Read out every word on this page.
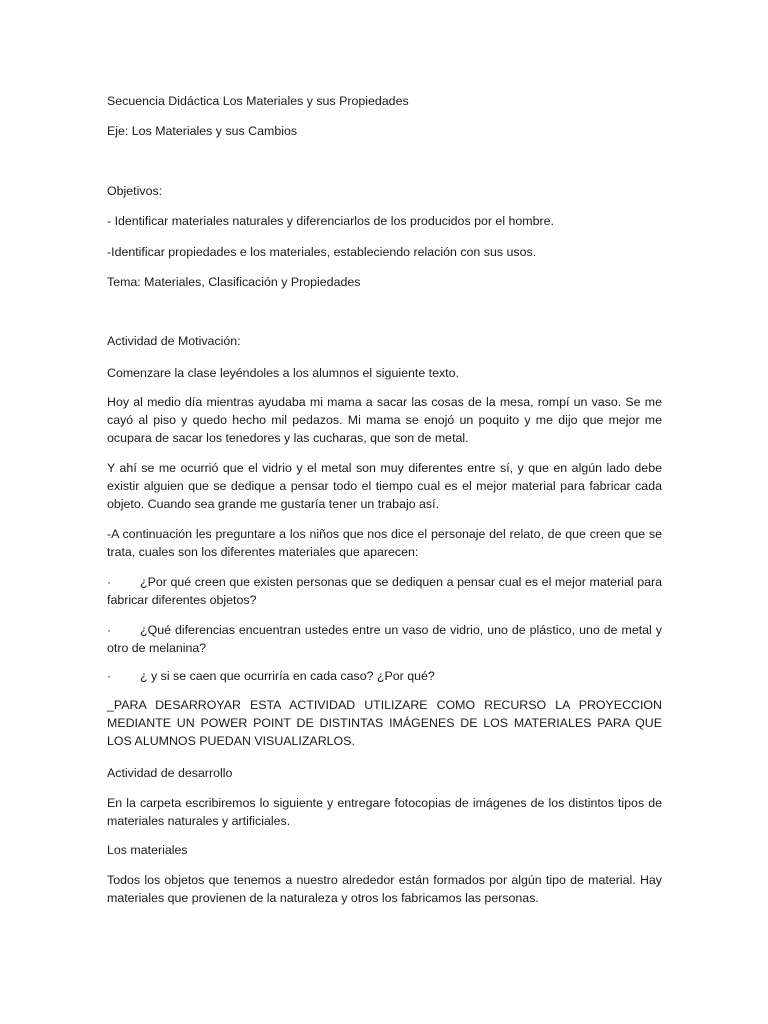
Secuencia Didáctica Los Materiales y sus Propiedades

Eje: Los Materiales y sus Cambios

Objetivos:

- Identificar materiales naturales y diferenciarlos de los producidos por el hombre.

-Identificar propiedades e los materiales, estableciendo relación con sus usos.

Tema: Materiales, Clasificación y Propiedades

Actividad de Motivación:

Comenzare la clase leyéndoles a los alumnos el siguiente texto.

Hoy al medio día mientras ayudaba mi mama a sacar las cosas de la mesa, rompí un vaso. Se me cayó al piso y quedo hecho mil pedazos. Mi mama se enojó un poquito y me dijo que mejor me ocupara de sacar los tenedores y las cucharas, que son de metal.

Y ahí se me ocurrió que el vidrio y el metal son muy diferentes entre sí, y que en algún lado debe existir alguien que se dedique a pensar todo el tiempo cual es el mejor material para fabricar cada objeto. Cuando sea grande me gustaría tener un trabajo así.

-A continuación les preguntare a los niños que nos dice el personaje del relato, de que creen que se trata, cuales son los diferentes materiales que aparecen:

·	¿Por qué creen que existen personas que se dediquen a pensar cual es el mejor material para fabricar diferentes objetos?
·	¿Qué diferencias encuentran ustedes entre un vaso de vidrio, uno de plástico, uno de metal y otro de melanina?
·	¿ y si se caen que ocurriría en cada caso? ¿Por qué?

_PARA DESARROYAR ESTA ACTIVIDAD UTILIZARE COMO RECURSO LA PROYECCION MEDIANTE UN POWER POINT DE DISTINTAS IMÁGENES DE LOS MATERIALES PARA QUE LOS ALUMNOS PUEDAN VISUALIZARLOS.

Actividad de desarrollo

En la carpeta escribiremos lo siguiente y entregare fotocopias de imágenes de los distintos tipos de materiales naturales y artificiales.

Los materiales

Todos los objetos que tenemos a nuestro alrededor están formados por algún tipo de material. Hay materiales que provienen de la naturaleza y otros los fabricamos las personas.
